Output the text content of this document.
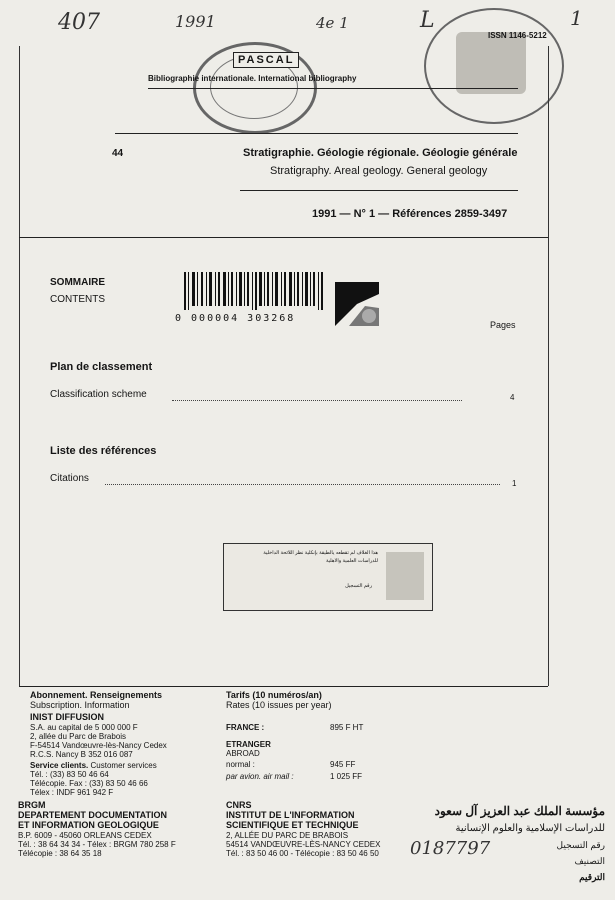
407	1991	4e 1	L	1
ISSN 1146-5212
PASCAL
Bibliographie internationale. International bibliography
44	Stratigraphie. Géologie régionale. Géologie générale
Stratigraphy. Areal geology. General geology
1991 — N° 1 — Références 2859-3497
SOMMAIRE
CONTENTS
0 000004 303268
Pages
Plan de classement
Classification scheme	4
Liste des références
Citations	1
هذا الغلاف لم تقطعه يالطيقة بإنكلية نظر اللائحة الداخلية
للدراسات العلمية والاهلية
رقم التسجيل
Abonnement. Renseignements
Subscription. Information
INIST DIFFUSION
S.A. au capital de 5 000 000 F
2, allée du Parc de Brabois
F-54514 Vandœuvre-lès-Nancy Cedex
R.C.S. Nancy B 352 016 087
Service clients. Customer services
Tél. : (33) 83 50 46 64
Télécopie. Fax : (33) 83 50 46 66
Télex : INDF 961 942 F
Tarifs (10 numéros/an)
Rates (10 issues per year)
FRANCE :	895 F HT
ETRANGER
ABROAD
normal :	945 FF
par avion. air mail :	1 025 FF
BRGM
DEPARTEMENT DOCUMENTATION
ET INFORMATION GEOLOGIQUE
B.P. 6009 - 45060 ORLEANS CEDEX
Tél. : 38 64 34 34 - Télex : BRGM 780 258 F
Télécopie : 38 64 35 18
CNRS
INSTITUT DE L'INFORMATION
SCIENTIFIQUE ET TECHNIQUE
2, ALLÉE DU PARC DE BRABOIS
54514 VANDŒUVRE-LÈS-NANCY CEDEX
Tél. : 83 50 46 00 - Télécopie : 83 50 46 50
مؤسسة الملك عبد العزيز آل سعود
للدراسات الإسلامية والعلوم الإنسانية
رقم التسجيل
التصنيف
الترقيم
0187797
